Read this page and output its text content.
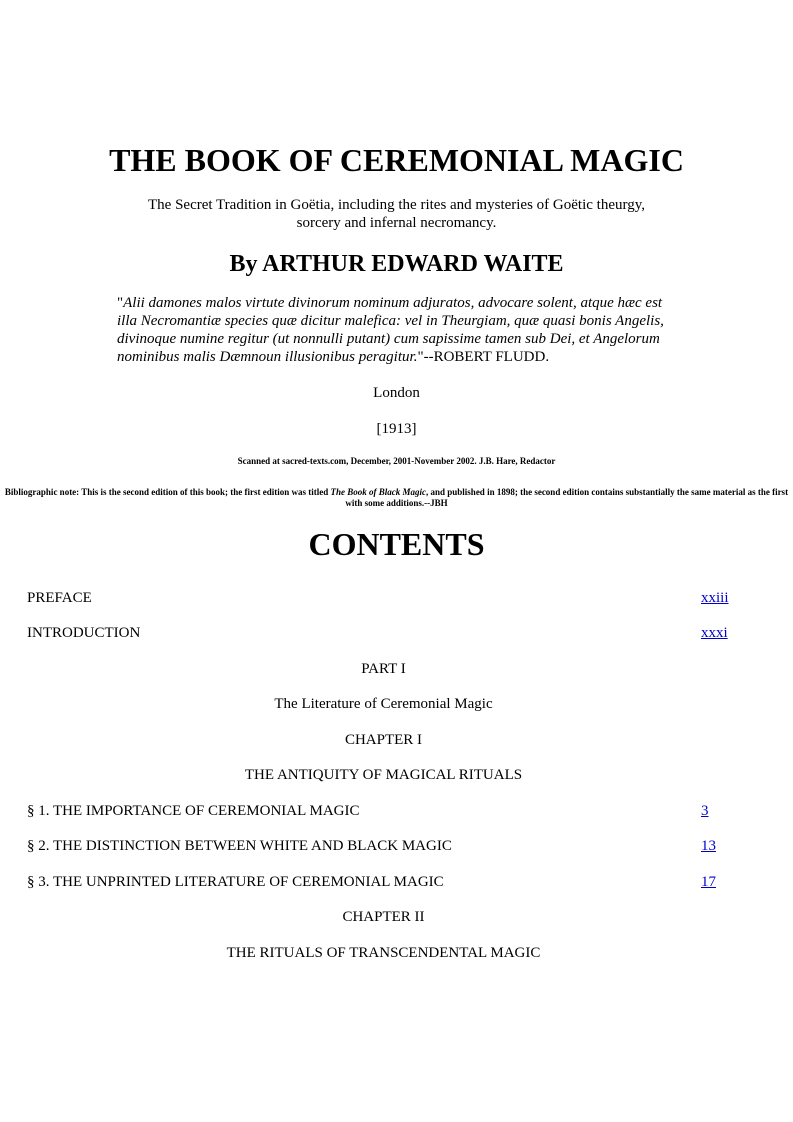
THE BOOK OF CEREMONIAL MAGIC
The Secret Tradition in Goëtia, including the rites and mysteries of Goëtic theurgy, sorcery and infernal necromancy.
By ARTHUR EDWARD WAITE
"Alii damones malos virtute divinorum nominum adjuratos, advocare solent, atque hæc est illa Necromantiæ species quæ dicitur malefica: vel in Theurgiam, quæ quasi bonis Angelis, divinoque numine regitur (ut nonnulli putant) cum sapissime tamen sub Dei, et Angelorum nominibus malis Dæmnoun illusionibus peragitur."--ROBERT FLUDD.
London
[1913]
Scanned at sacred-texts.com, December, 2001-November 2002. J.B. Hare, Redactor
Bibliographic note: This is the second edition of this book; the first edition was titled The Book of Black Magic, and published in 1898; the second edition contains substantially the same material as the first with some additions.--JBH
CONTENTS
PREFACE	xxiii
INTRODUCTION	xxxi
PART I
The Literature of Ceremonial Magic
CHAPTER I
THE ANTIQUITY OF MAGICAL RITUALS
§ 1. THE IMPORTANCE OF CEREMONIAL MAGIC	3
§ 2. THE DISTINCTION BETWEEN WHITE AND BLACK MAGIC	13
§ 3. THE UNPRINTED LITERATURE OF CEREMONIAL MAGIC	17
CHAPTER II
THE RITUALS OF TRANSCENDENTAL MAGIC
